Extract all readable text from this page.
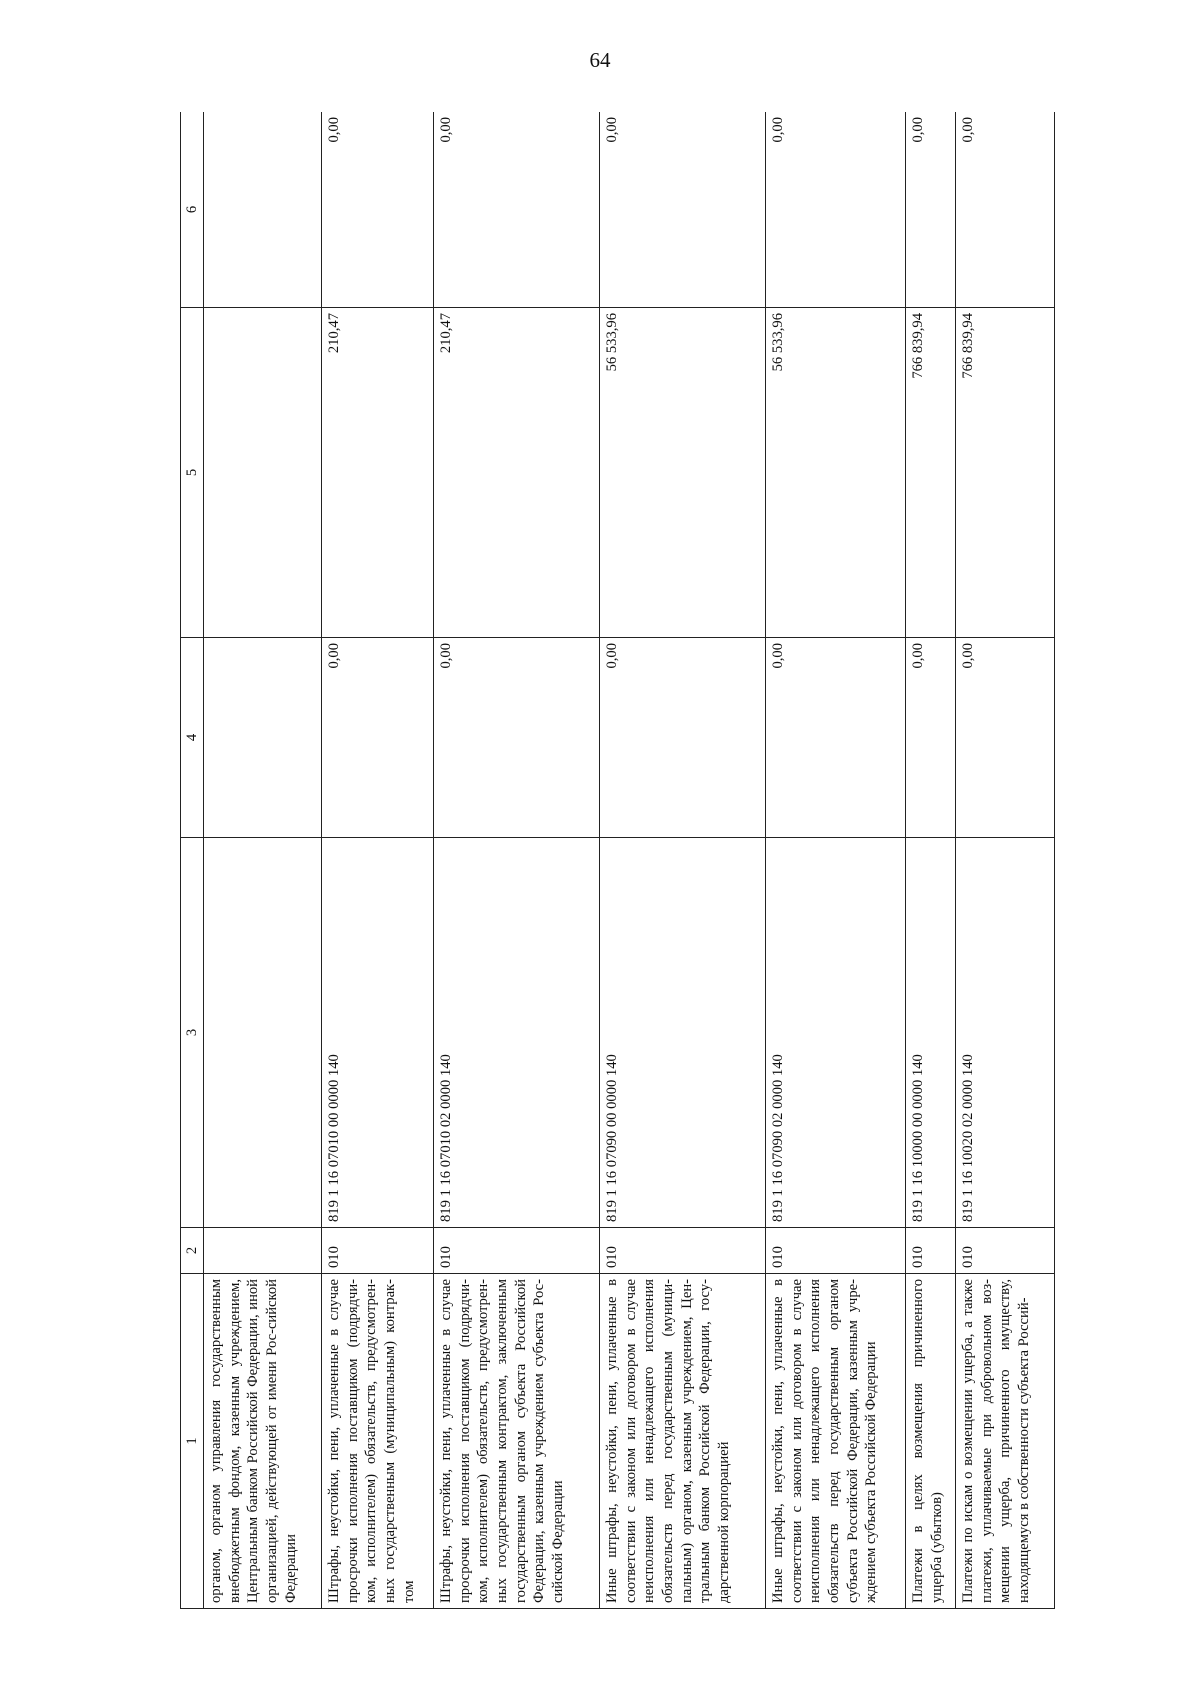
64
1	2	3	4	5	6
органом, органом управления государственным внебюджетным фондом, казенным учреждением, Центральным банком Российской Федерации, иной организацией, действующей от имени Рос-сийской Федерации					
Штрафы, неустойки, пени, уплаченные в случае просрочки исполнения поставщиком (подрядчи-ком, исполнителем) обязательств, предусмотрен-ных государственным (муниципальным) контрак-том	010	819 1 16 07010 00 0000 140	0,00	210,47	0,00
Штрафы, неустойки, пени, уплаченные в случае просрочки исполнения поставщиком (подрядчи-ком, исполнителем) обязательств, предусмотрен-ных государственным контрактом, заключенным государственным органом субъекта Российской Федерации, казенным учреждением субъекта Рос-сийской Федерации	010	819 1 16 07010 02 0000 140	0,00	210,47	0,00
Иные штрафы, неустойки, пени, уплаченные в соответствии с законом или договором в случае неисполнения или ненадлежащего исполнения обязательств перед государственным (муници-пальным) органом, казенным учреждением, Цен-тральным банком Российской Федерации, госу-дарственной корпорацией	010	819 1 16 07090 00 0000 140	0,00	56 533,96	0,00
Иные штрафы, неустойки, пени, уплаченные в соответствии с законом или договором в случае неисполнения или ненадлежащего исполнения обязательств перед государственным органом субъекта Российской Федерации, казенным учре-ждением субъекта Российской Федерации	010	819 1 16 07090 02 0000 140	0,00	56 533,96	0,00
Платежи в целях возмещения причиненного ущерба (убытков)	010	819 1 16 10000 00 0000 140	0,00	766 839,94	0,00
Платежи по искам о возмещении ущерба, а также платежи, уплачиваемые при добровольном воз-мещении ущерба, причиненного имуществу, находящемуся в собственности субъекта Россий-	010	819 1 16 10020 02 0000 140	0,00	766 839,94	0,00
